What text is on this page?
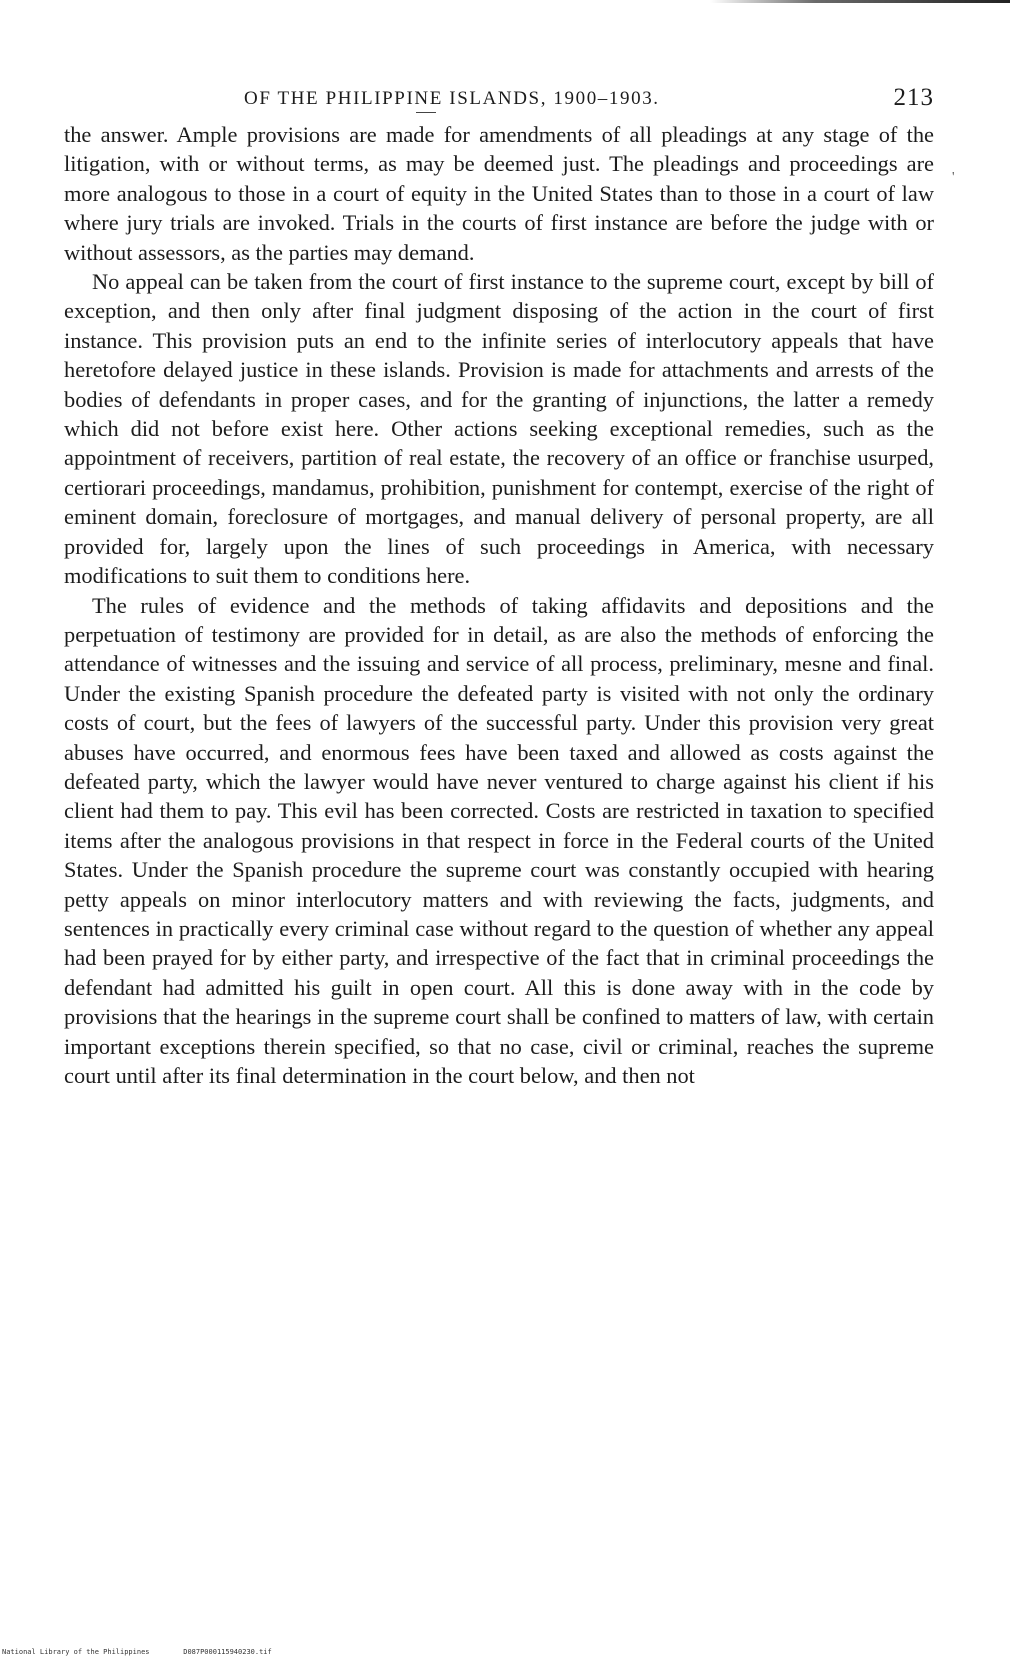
OF THE PHILIPPINE ISLANDS, 1900–1903.	213

the answer. Ample provisions are made for amendments of all pleadings at any stage of the litigation, with or without terms, as may be deemed just. The pleadings and proceedings are more analogous to those in a court of equity in the United States than to those in a court of law where jury trials are invoked. Trials in the courts of first instance are before the judge with or without assessors, as the parties may demand.

No appeal can be taken from the court of first instance to the supreme court, except by bill of exception, and then only after final judgment disposing of the action in the court of first instance. This provision puts an end to the infinite series of interlocutory appeals that have heretofore delayed justice in these islands. Provision is made for attachments and arrests of the bodies of defendants in proper cases, and for the granting of injunctions, the latter a remedy which did not before exist here. Other actions seeking exceptional remedies, such as the appointment of receivers, partition of real estate, the recovery of an office or franchise usurped, certiorari proceedings, mandamus, prohibition, punishment for contempt, exercise of the right of eminent domain, foreclosure of mortgages, and manual delivery of personal property, are all provided for, largely upon the lines of such proceedings in America, with necessary modifications to suit them to conditions here.

The rules of evidence and the methods of taking affidavits and depositions and the perpetuation of testimony are provided for in detail, as are also the methods of enforcing the attendance of witnesses and the issuing and service of all process, preliminary, mesne and final. Under the existing Spanish procedure the defeated party is visited with not only the ordinary costs of court, but the fees of lawyers of the successful party. Under this provision very great abuses have occurred, and enormous fees have been taxed and allowed as costs against the defeated party, which the lawyer would have never ventured to charge against his client if his client had them to pay. This evil has been corrected. Costs are restricted in taxation to specified items after the analogous provisions in that respect in force in the Federal courts of the United States. Under the Spanish procedure the supreme court was constantly occupied with hearing petty appeals on minor interlocutory matters and with reviewing the facts, judgments, and sentences in practically every criminal case without regard to the question of whether any appeal had been prayed for by either party, and irrespective of the fact that in criminal proceedings the defendant had admitted his guilt in open court. All this is done away with in the code by provisions that the hearings in the supreme court shall be confined to matters of law, with certain important exceptions therein specified, so that no case, civil or criminal, reaches the supreme court until after its final determination in the court below, and then not

'
National Library of the Philippines	D087P000115940230.tif
